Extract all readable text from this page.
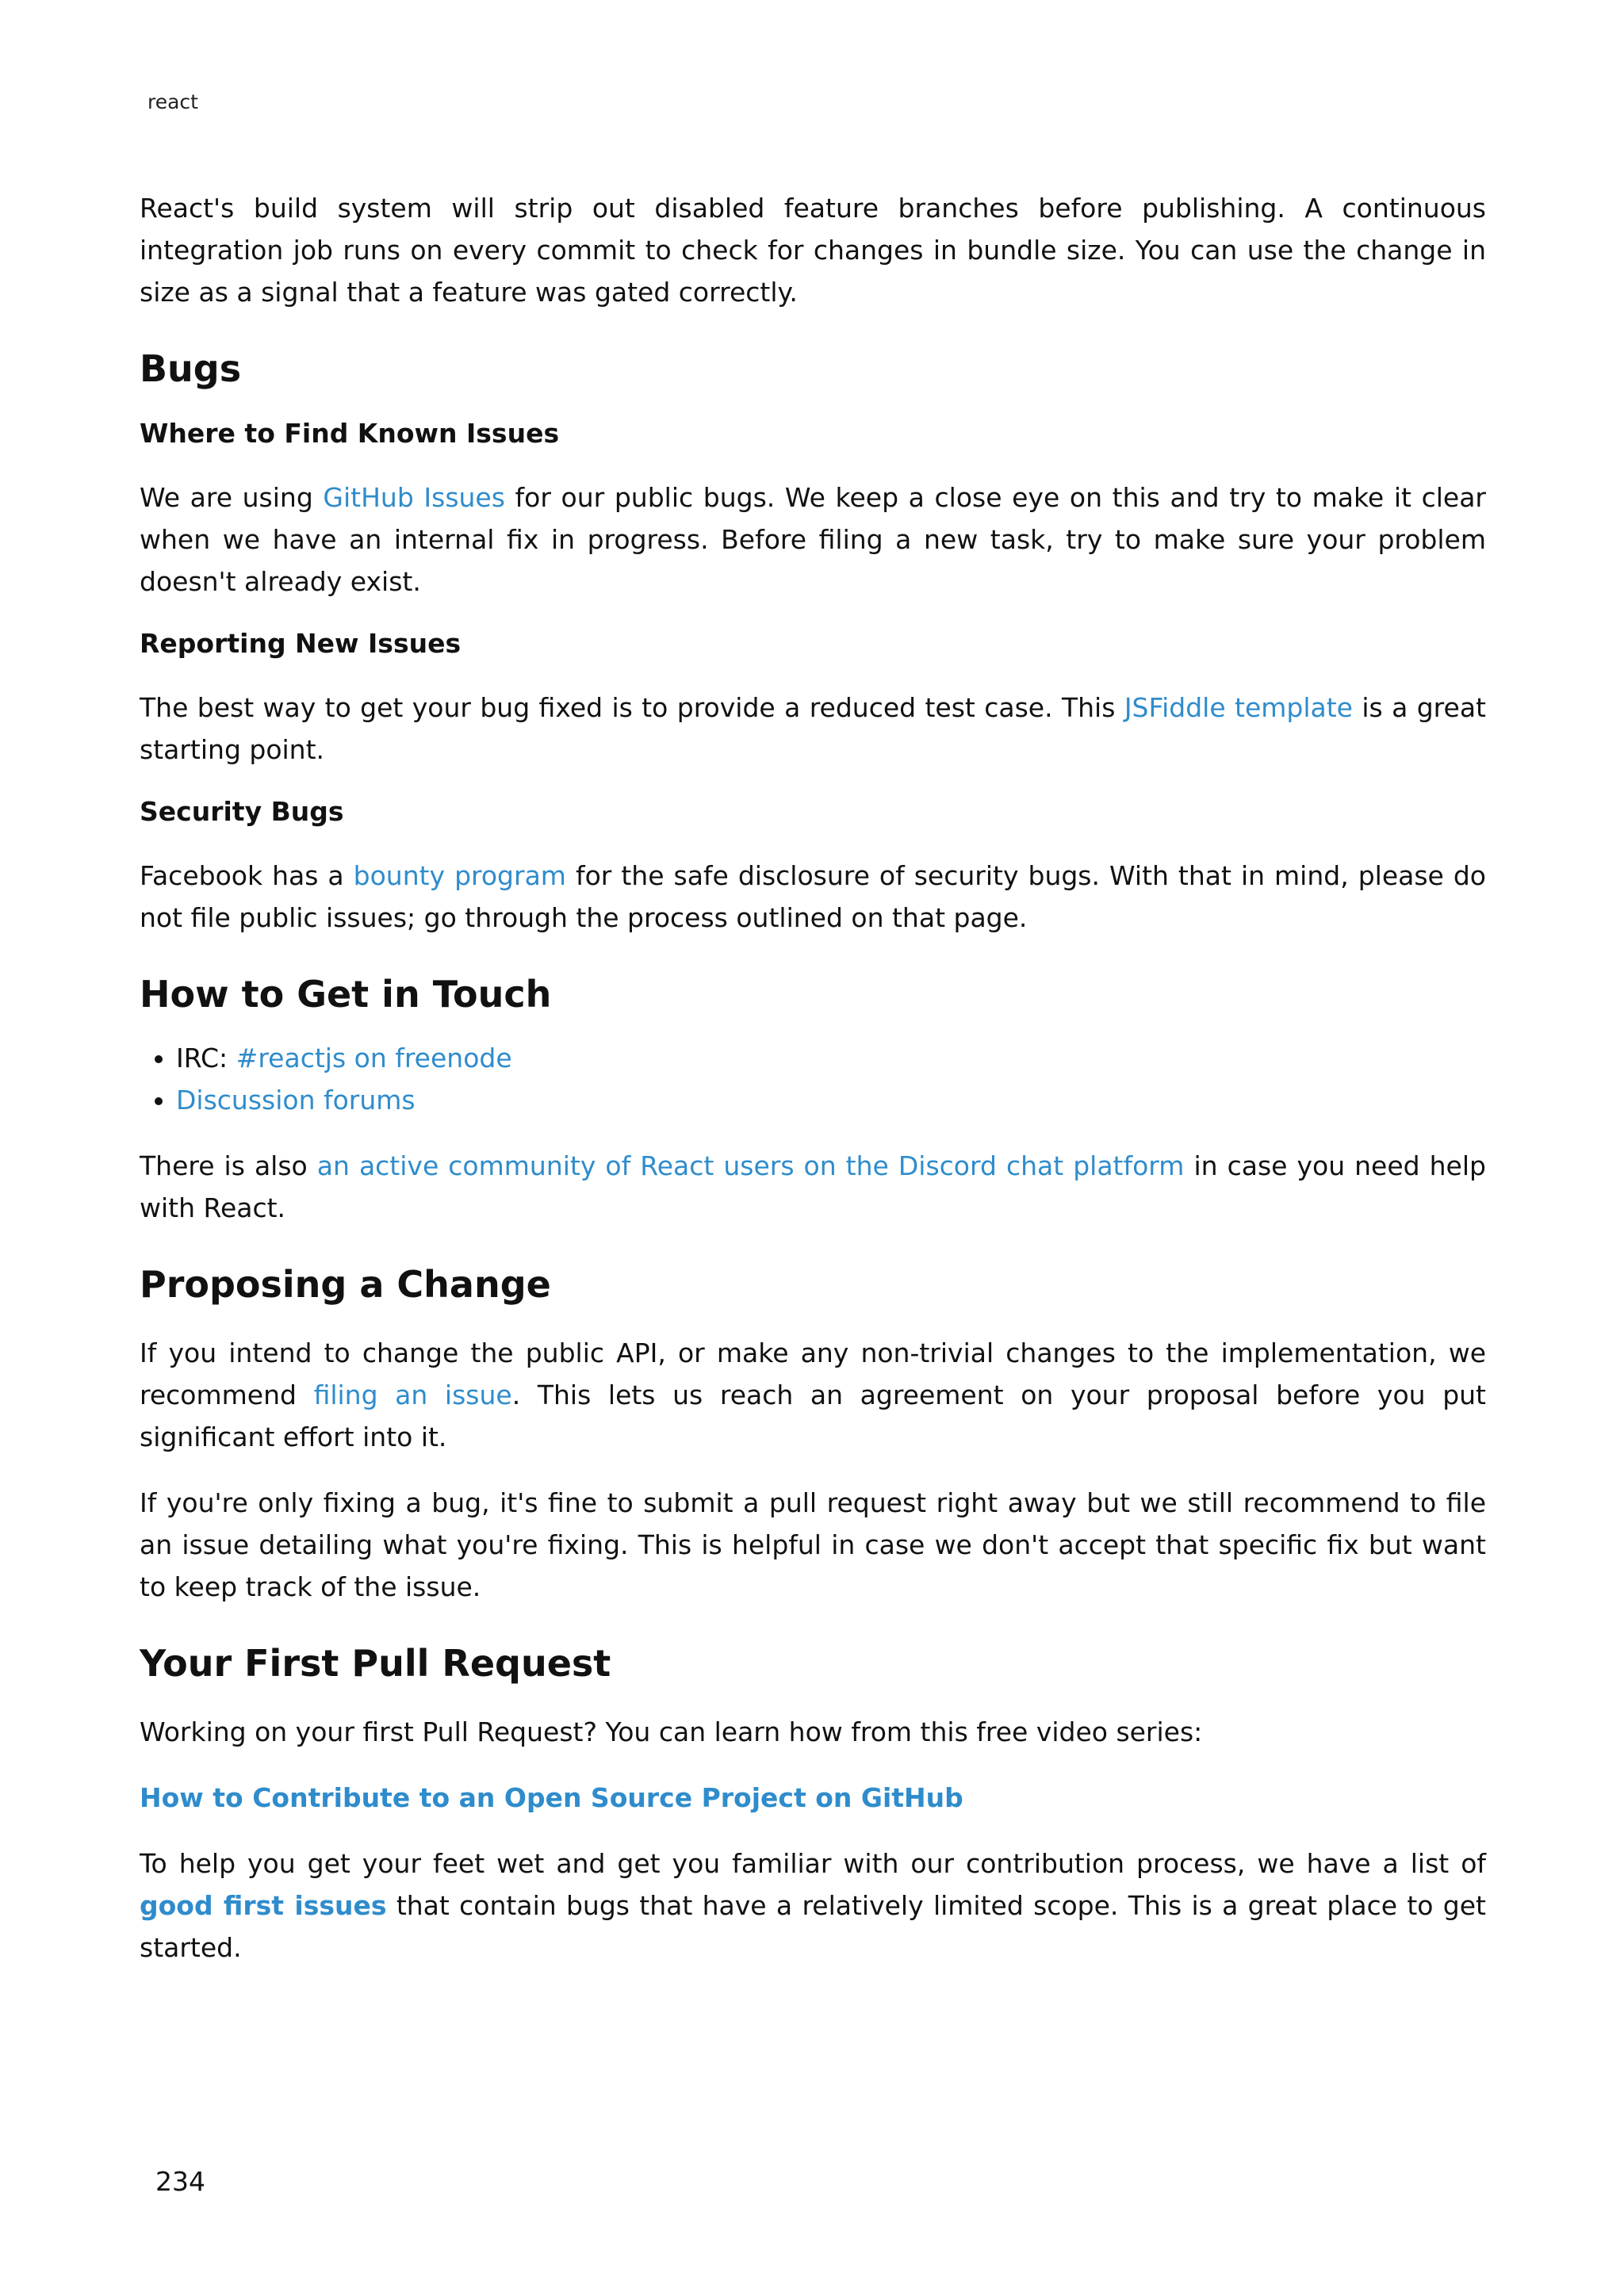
react

React's build system will strip out disabled feature branches before publishing. A continuous integration job runs on every commit to check for changes in bundle size. You can use the change in size as a signal that a feature was gated correctly.

Bugs
Where to Find Known Issues

We are using GitHub Issues for our public bugs. We keep a close eye on this and try to make it clear when we have an internal fix in progress. Before filing a new task, try to make sure your problem doesn't already exist.

Reporting New Issues

The best way to get your bug fixed is to provide a reduced test case. This JSFiddle template is a great starting point.

Security Bugs

Facebook has a bounty program for the safe disclosure of security bugs. With that in mind, please do not file public issues; go through the process outlined on that page.

How to Get in Touch
• IRC: #reactjs on freenode
• Discussion forums

There is also an active community of React users on the Discord chat platform in case you need help with React.

Proposing a Change

If you intend to change the public API, or make any non-trivial changes to the implementation, we recommend filing an issue. This lets us reach an agreement on your proposal before you put significant effort into it.

If you're only fixing a bug, it's fine to submit a pull request right away but we still recommend to file an issue detailing what you're fixing. This is helpful in case we don't accept that specific fix but want to keep track of the issue.

Your First Pull Request

Working on your first Pull Request? You can learn how from this free video series:

How to Contribute to an Open Source Project on GitHub

To help you get your feet wet and get you familiar with our contribution process, we have a list of good first issues that contain bugs that have a relatively limited scope. This is a great place to get started.

234
